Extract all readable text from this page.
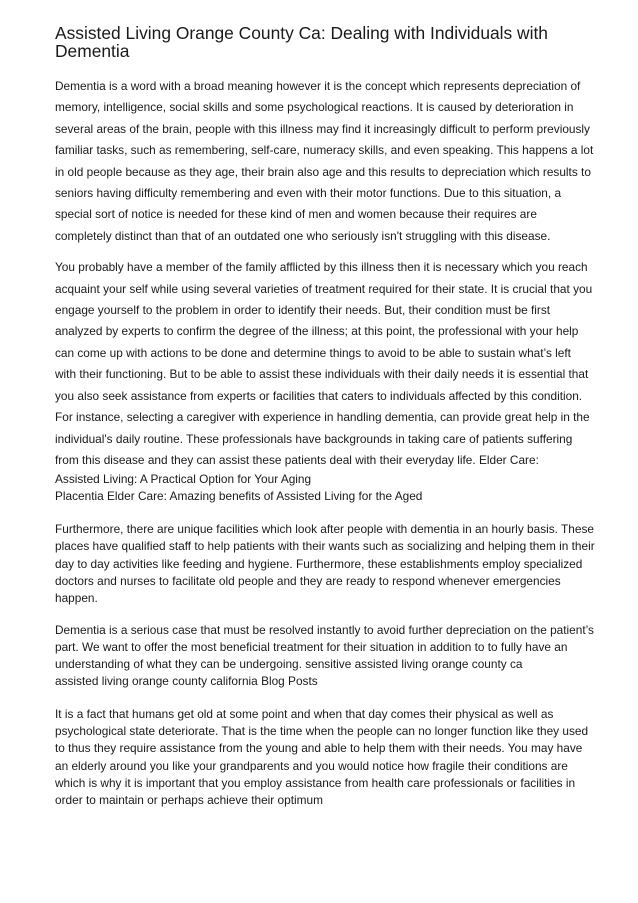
Assisted Living Orange County Ca: Dealing with Individuals with Dementia

Dementia is a word with a broad meaning however it is the concept which represents depreciation of memory, intelligence, social skills and some psychological reactions. It is caused by deterioration in several areas of the brain, people with this illness may find it increasingly difficult to perform previously familiar tasks, such as remembering, self-care, numeracy skills, and even speaking. This happens a lot in old people because as they age, their brain also age and this results to depreciation which results to seniors having difficulty remembering and even with their motor functions. Due to this situation, a special sort of notice is needed for these kind of men and women because their requires are completely distinct than that of an outdated one who seriously isn't struggling with this disease.

You probably have a member of the family afflicted by this illness then it is necessary which you reach acquaint your self while using several varieties of treatment required for their state. It is crucial that you engage yourself to the problem in order to identify their needs. But, their condition must be first analyzed by experts to confirm the degree of the illness; at this point, the professional with your help can come up with actions to be done and determine things to avoid to be able to sustain what’s left with their functioning. But to be able to assist these individuals with their daily needs it is essential that you also seek assistance from experts or facilities that caters to individuals affected by this condition. For instance, selecting a caregiver with experience in handling dementia, can provide great help in the individual's daily routine. These professionals have backgrounds in taking care of patients suffering from this disease and they can assist these patients deal with their everyday life. Elder Care:

Assisted Living: A Practical Option for Your Aging
Placentia Elder Care: Amazing benefits of Assisted Living for the Aged

Furthermore, there are unique facilities which look after people with dementia in an hourly basis. These places have qualified staff to help patients with their wants such as socializing and helping them in their day to day activities like feeding and hygiene. Furthermore, these establishments employ specialized doctors and nurses to facilitate old people and they are ready to respond whenever emergencies happen.

Dementia is a serious case that must be resolved instantly to avoid further depreciation on the patient’s part. We want to offer the most beneficial treatment for their situation in addition to to fully have an understanding of what they can be undergoing. sensitive assisted living orange county ca

assisted living orange county california Blog Posts

It is a fact that humans get old at some point and when that day comes their physical as well as psychological state deteriorate. That is the time when the people can no longer function like they used to thus they require assistance from the young and able to help them with their needs. You may have an elderly around you like your grandparents and you would notice how fragile their conditions are which is why it is important that you employ assistance from health care professionals or facilities in order to maintain or perhaps achieve their optimum
